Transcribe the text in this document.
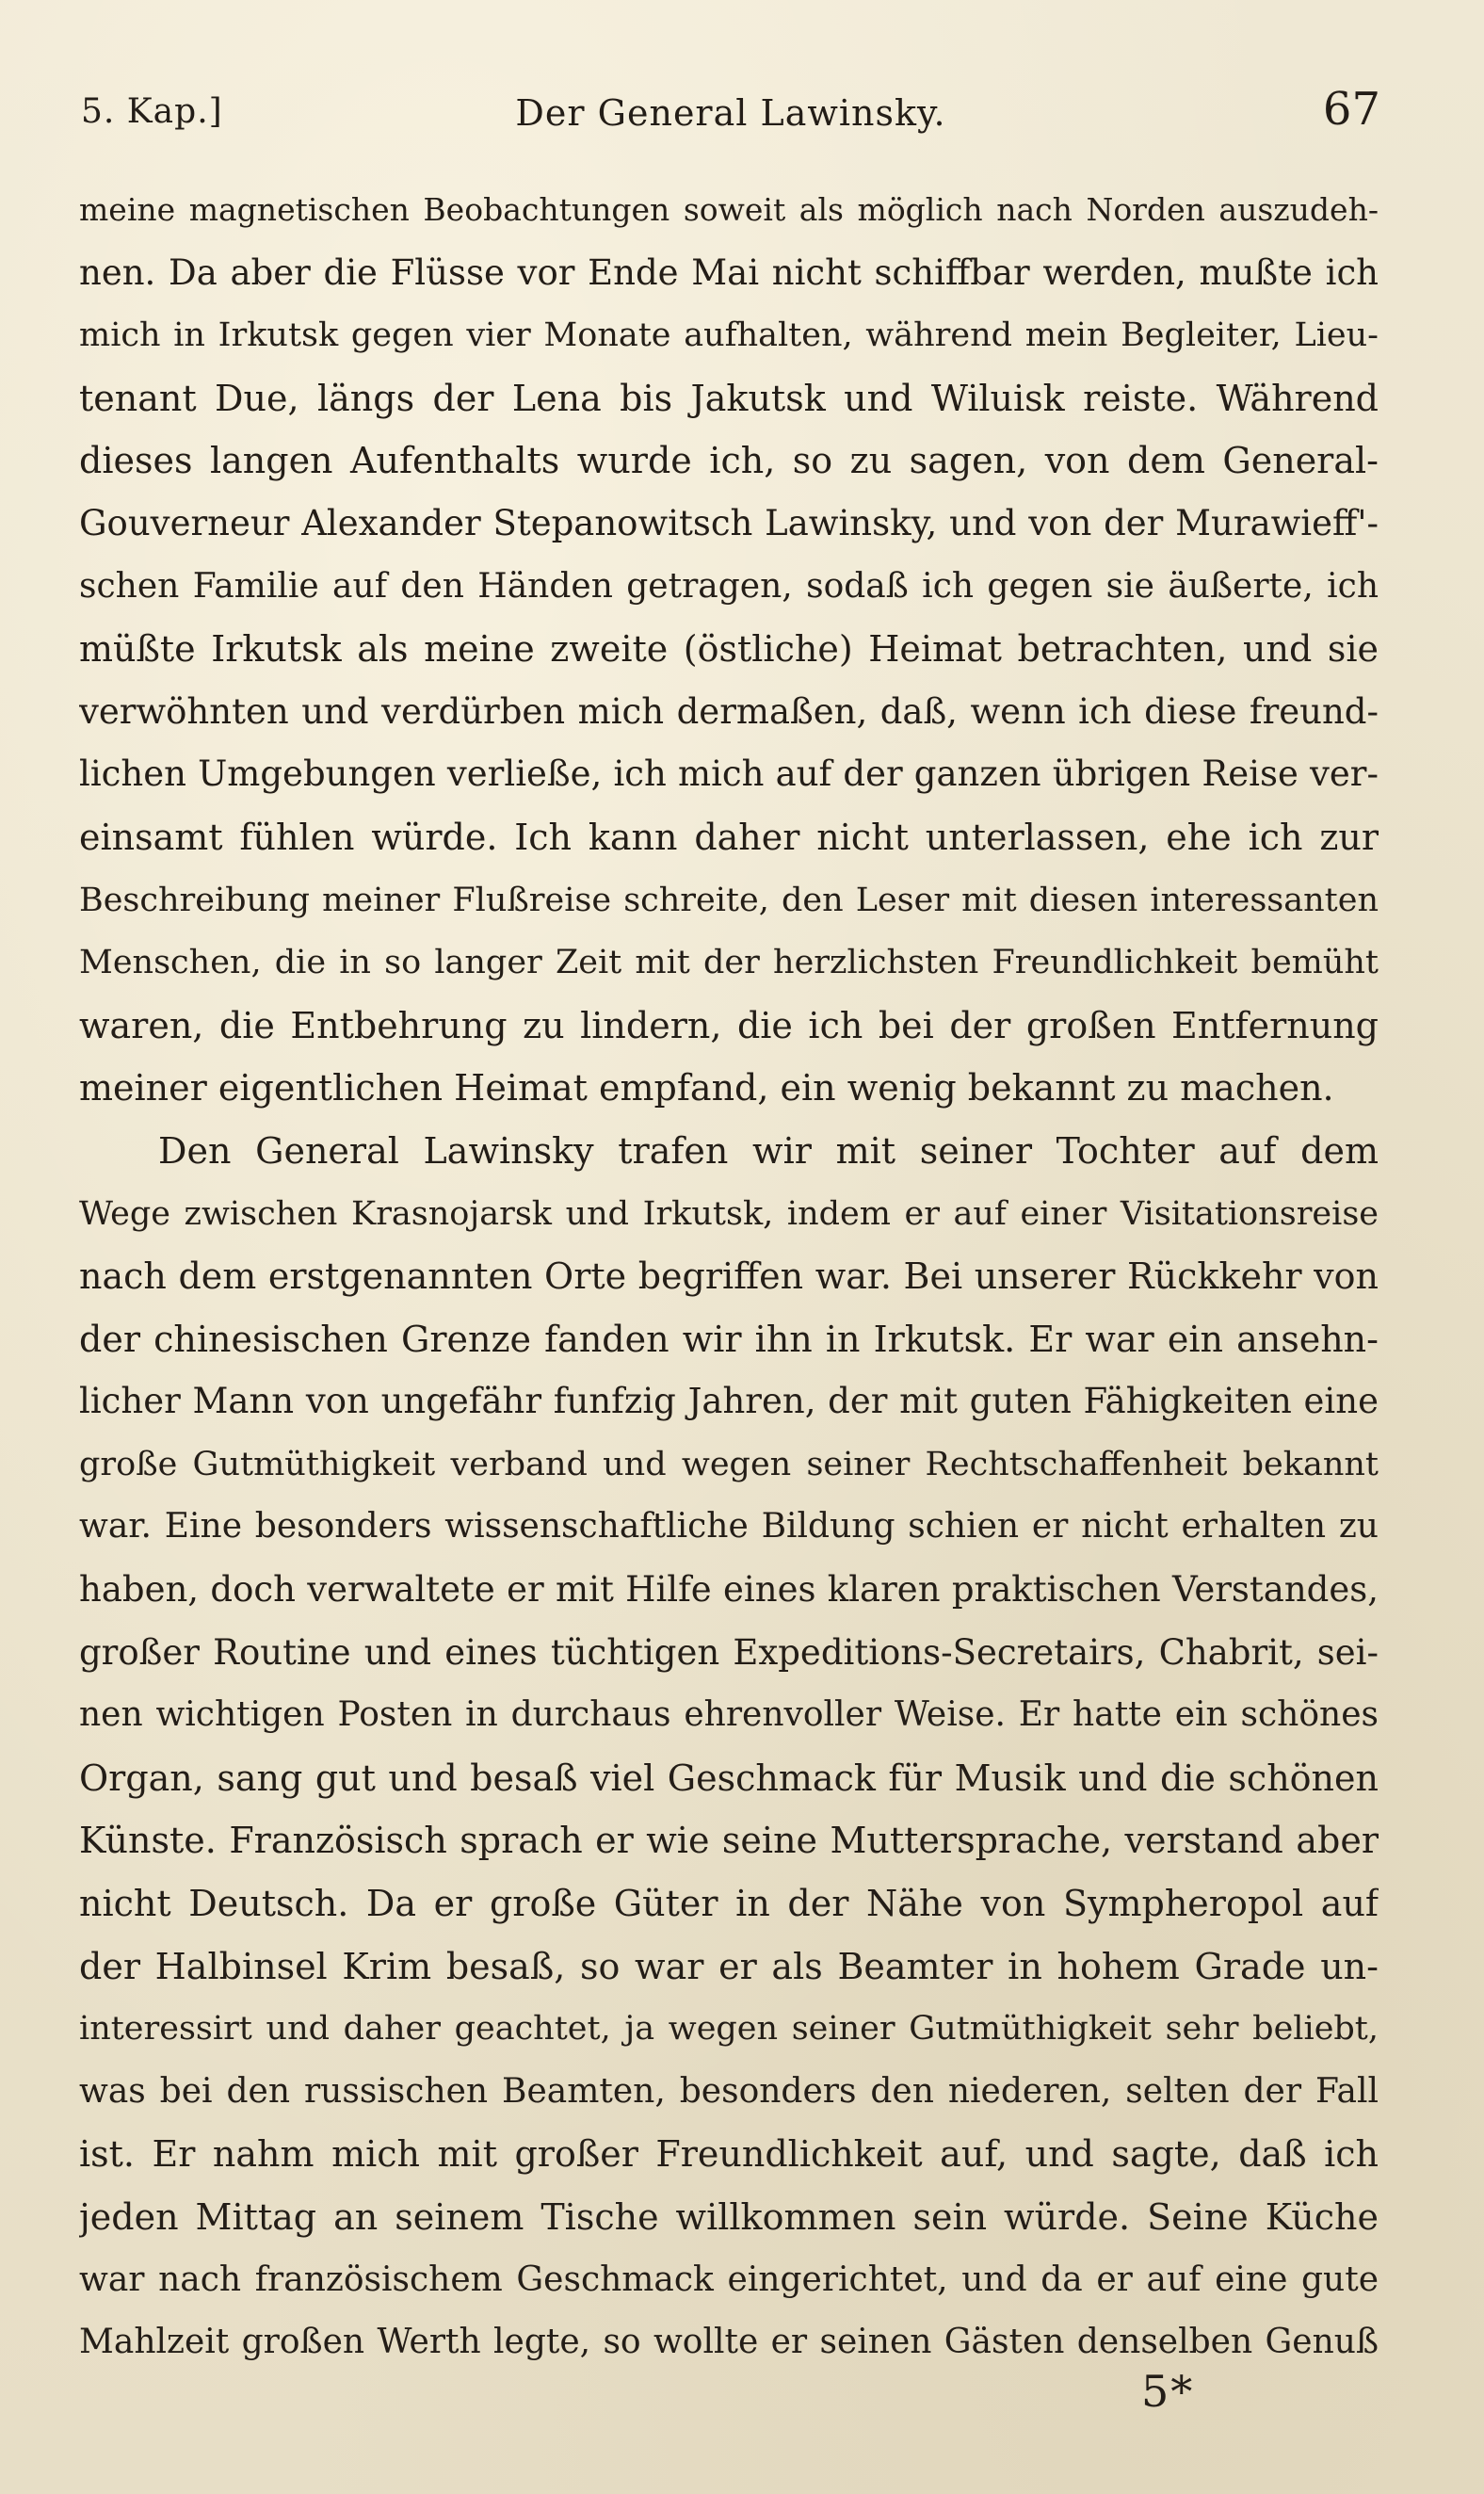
5. Kap.]	Der General Lawinsky.	67
meine magnetischen Beobachtungen soweit als möglich nach Norden auszudeh-
nen. Da aber die Flüsse vor Ende Mai nicht schiffbar werden, mußte ich
mich in Irkutsk gegen vier Monate aufhalten, während mein Begleiter, Lieu-
tenant Due, längs der Lena bis Jakutsk und Wiluisk reiste. Während
dieses langen Aufenthalts wurde ich, so zu sagen, von dem General-
Gouverneur Alexander Stepanowitsch Lawinsky, und von der Murawieff'-
schen Familie auf den Händen getragen, sodaß ich gegen sie äußerte, ich
müßte Irkutsk als meine zweite (östliche) Heimat betrachten, und sie
verwöhnten und verdürben mich dermaßen, daß, wenn ich diese freund-
lichen Umgebungen verließe, ich mich auf der ganzen übrigen Reise ver-
einsamt fühlen würde. Ich kann daher nicht unterlassen, ehe ich zur
Beschreibung meiner Flußreise schreite, den Leser mit diesen interessanten
Menschen, die in so langer Zeit mit der herzlichsten Freundlichkeit bemüht
waren, die Entbehrung zu lindern, die ich bei der großen Entfernung
meiner eigentlichen Heimat empfand, ein wenig bekannt zu machen.
Den General Lawinsky trafen wir mit seiner Tochter auf dem
Wege zwischen Krasnojarsk und Irkutsk, indem er auf einer Visitationsreise
nach dem erstgenannten Orte begriffen war. Bei unserer Rückkehr von
der chinesischen Grenze fanden wir ihn in Irkutsk. Er war ein ansehn-
licher Mann von ungefähr funfzig Jahren, der mit guten Fähigkeiten eine
große Gutmüthigkeit verband und wegen seiner Rechtschaffenheit bekannt
war. Eine besonders wissenschaftliche Bildung schien er nicht erhalten zu
haben, doch verwaltete er mit Hilfe eines klaren praktischen Verstandes,
großer Routine und eines tüchtigen Expeditions-Secretairs, Chabrit, sei-
nen wichtigen Posten in durchaus ehrenvoller Weise. Er hatte ein schönes
Organ, sang gut und besaß viel Geschmack für Musik und die schönen
Künste. Französisch sprach er wie seine Muttersprache, verstand aber
nicht Deutsch. Da er große Güter in der Nähe von Sympheropol auf
der Halbinsel Krim besaß, so war er als Beamter in hohem Grade un-
interessirt und daher geachtet, ja wegen seiner Gutmüthigkeit sehr beliebt,
was bei den russischen Beamten, besonders den niederen, selten der Fall
ist. Er nahm mich mit großer Freundlichkeit auf, und sagte, daß ich
jeden Mittag an seinem Tische willkommen sein würde. Seine Küche
war nach französischem Geschmack eingerichtet, und da er auf eine gute
Mahlzeit großen Werth legte, so wollte er seinen Gästen denselben Genuß
5*
